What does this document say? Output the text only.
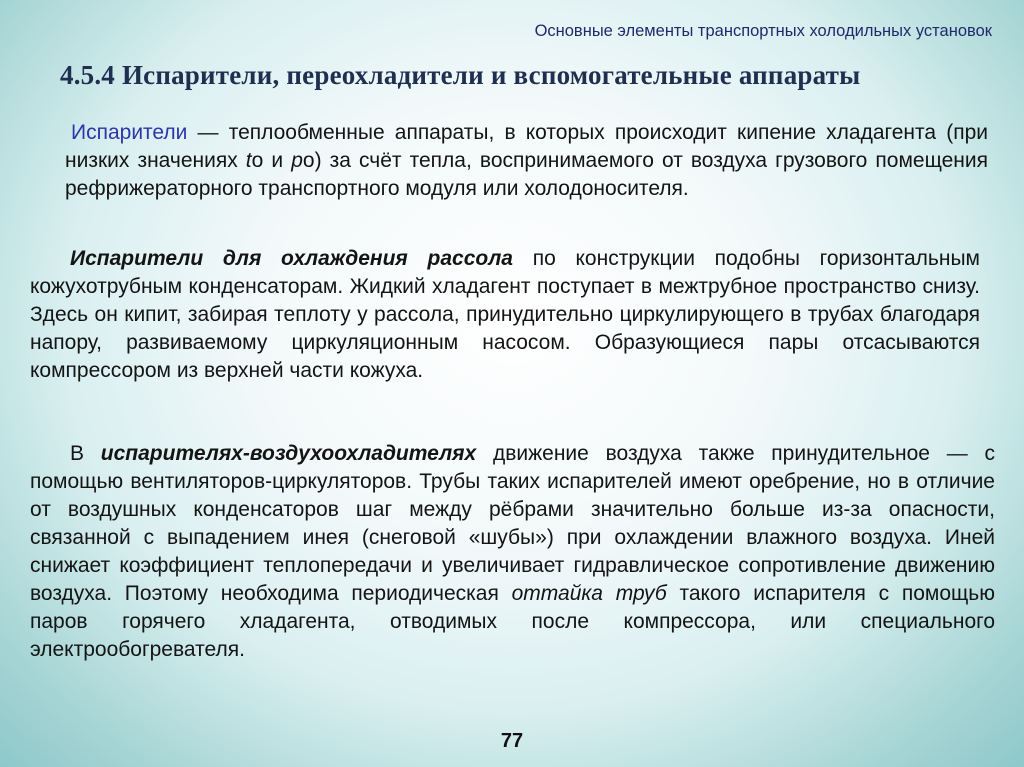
Основные элементы транспортных холодильных установок
4.5.4 Испарители, переохладители и вспомогательные аппараты

Испарители — теплообменные аппараты, в которых происходит кипение хладагента (при низких значениях tо и pо) за счёт тепла, воспринимаемого от воздуха грузового помещения рефрижераторного транспортного модуля или холодоносителя.

Испарители для охлаждения рассола по конструкции подобны горизонтальным кожухотрубным конденсаторам. Жидкий хладагент поступает в межтрубное пространство снизу. Здесь он кипит, забирая теплоту у рассола, принудительно циркулирующего в трубах благодаря напору, развиваемому циркуляционным насосом. Образующиеся пары отсасываются компрессором из верхней части кожуха.

В испарителях-воздухоохладителях движение воздуха также принудительное — с помощью вентиляторов-циркуляторов. Трубы таких испарителей имеют оребрение, но в отличие от воздушных конденсаторов шаг между рёбрами значительно больше из-за опасности, связанной с выпадением инея (снеговой «шубы») при охлаждении влажного воздуха. Иней снижает коэффициент теплопередачи и увеличивает гидравлическое сопротивление движению воздуха. Поэтому необходима периодическая оттайка труб такого испарителя с помощью паров горячего хладагента, отводимых после компрессора, или специального электрообогревателя.

77
